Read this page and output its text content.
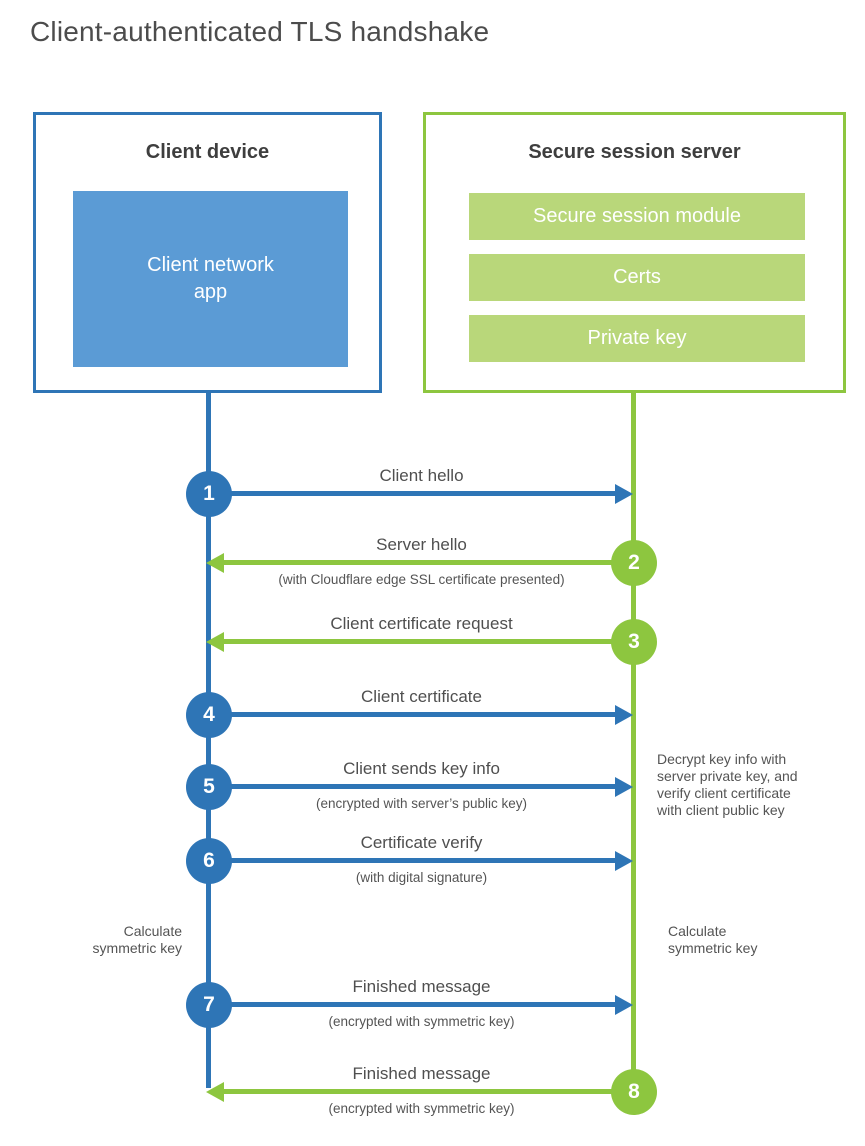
Client-authenticated TLS handshake
Client device
Client network
app
Secure session server
Secure session module
Certs
Private key
Client hello
1
Server hello
(with Cloudflare edge SSL certificate presented)
2
Client certificate request
3
Client certificate
4
Client sends key info
(encrypted with server’s public key)
5
Certificate verify
(with digital signature)
6
Finished message
(encrypted with symmetric key)
7
Finished message
(encrypted with symmetric key)
8
Decrypt key info with
server private key, and
verify client certificate
with client public key
Calculate
symmetric key
Calculate
symmetric key
